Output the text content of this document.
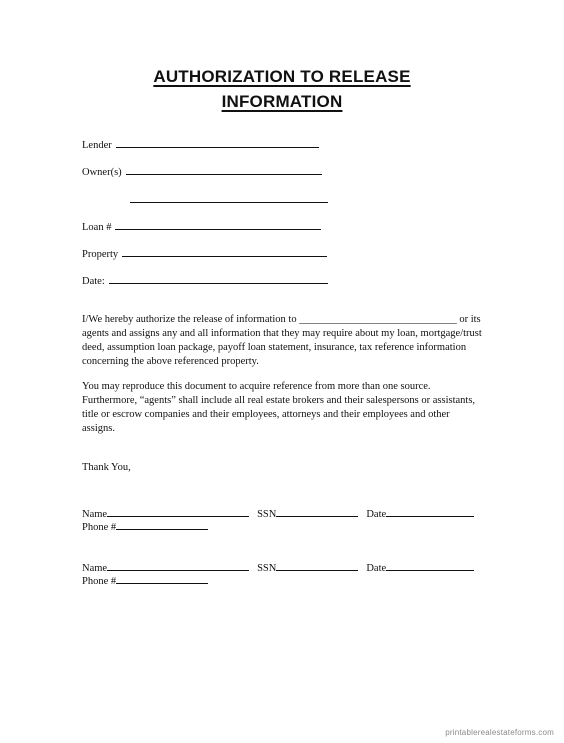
AUTHORIZATION TO RELEASE
INFORMATION
Lender
Owner(s)
Loan #
Property
Date:

I/We hereby authorize the release of information to ______________________________ or its agents and assigns any and all information that they may require about my loan, mortgage/trust deed, assumption loan package, payoff loan statement, insurance, tax reference information concerning the above referenced property.

You may reproduce this document to acquire reference from more than one source. Furthermore, “agents” shall include all real estate brokers and their salespersons or assistants, title or escrow companies and their employees, attorneys and their employees and other assigns.

Thank You,
Name	SSN	Date
Phone #
Name	SSN	Date
Phone #
printablerealestateforms.com
